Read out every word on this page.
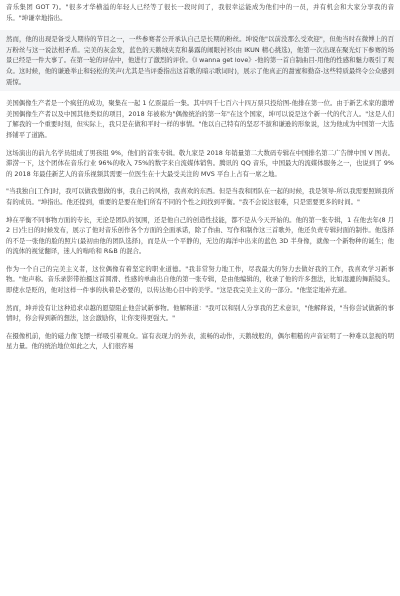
音乐集团 GOT 7)。"很多才华横溢的年轻人已经等了很长一段时间了，我很幸运能成为他们中的一员，并有机会和大家分享我的音乐。"坤谦幸地指出。

然而，他的出现是备受人期待的节目之一，一些参赛者公开承认自己是长期的粉丝。坤说他"以前没那么受欢迎"，但他当时在微博上的百万粉丝与这一说法相矛盾。完美的灰金发，蓝色的天鹅绒夹克和暴露的闹眼衬衫(由 IKUN 精心挑选)，他第一次出现在聚光灯下参赛的场景已经是一件大事了。在第一轮的评估中，他进行了激烈的评价。《I wanna get love》-他的第一首自制曲目-用他的性感和魅力吸引了观众。这时候，他的谦逊举止和轻松的笑声(尤其是当评委指出这首歌的暗示歌词时)，展示了他真正的甜蜜和勤奋-这些特质最终令公众感到震惊。

美国偶像生产者是一个疯狂的成功，聚集在一起 1 亿票最后一集。其中四千七百六十四万票只投给图-他排在第一位。由于新艺术家的激增美国偶像生产者以及中国其他类似的项目，2018 年被称为"偶像统治的第一年"在这个国家，坤可以说是这个新一代的代言人。"这是人们了解我的一个重要时刻，但实际上，我只是在做和平时一样的事情。"他以自己特有的坚忍不拔和谦逊的形象说，这为他成为中国第一大选择铺平了道路。

这场演出的前九名学员组成了男孩组 9%，他们的首张专辑。敬九家是 2018 年销量第二大数码专辑在中国排名第二广告牌中国 V 图表。滞涝一下，这个团体在音乐行业 96%的收入 75%的数字来自流媒体销售。腾讯的 QQ 音乐，中国最大的流媒体服务之一，也说到了 9%的 2018 年最佳新艺人的音乐视频其需要一位医生在十大最受关注的 MVS 平台上占有一席之地。

"当我独自[工作]时，我可以做我想做的事，我自己的风格，我喜欢的东西。但是当我和团队在一起的时候，我是领导-所以我需要照顾我所有的成员。"坤指出。他还提到，重要的是要在他们所有不同的个性之间找到平衡。"我不会说这很难，只是需要更多的时间。"

坤在平衡不同事物方面的专长，无论是团队的氛围，还是他自己的创造性技能，都不是从今天开始的。他的第一张专辑，1 在他去年(8 月 2 日)生日的时候发布，展示了他对音乐创作各个方面的全面承诺，除了作曲、写作和制作这三首歌外，他还负责专辑封面的制作。他选择的不是一张他的脸的照片(最初由他的团队选择)，而是从一个平静的，无边的海洋中出来的蓝色 3D 半身像，就像一个新物种的诞生；他的流体的视觉翻译，迷人的嗡哈和 R&B 的混合。

作为一个自己的完美主义者，这位偶像有着坚定的职业道德。"我非常努力地工作，尽我最大的努力去做好我的工作，我喜欢学习新事物。"他声称。音乐录影带拍摄这首圆滑、性感的单曲出自他的第一张专辑，是由他编辑的，收录了他的许多想法，比如湿漉的舞蹈镜头。即使水是贬的，他对这样一件事的执着是必要的，以传达他心目中的美学。"这是我完美主义的一部分。"他坚定地补充道。

然而，坤并没有让这种追求卓越的愿望阻止他尝试新事物。他解释道："我可以和别人分享我的艺术意识，"他解释说，"当你尝试做新的事情时，你会得到新的想法，这会激励你，让你变得更强大。"

在摄像机前，他的磁力像飞镖一样吸引着观众。富有表现力的外表，流畅的动作，天鹅绒般的，偶尔粗糙的声音证明了一种难以忽视的明星力量。他的统治地位如此之大，人们很容易
